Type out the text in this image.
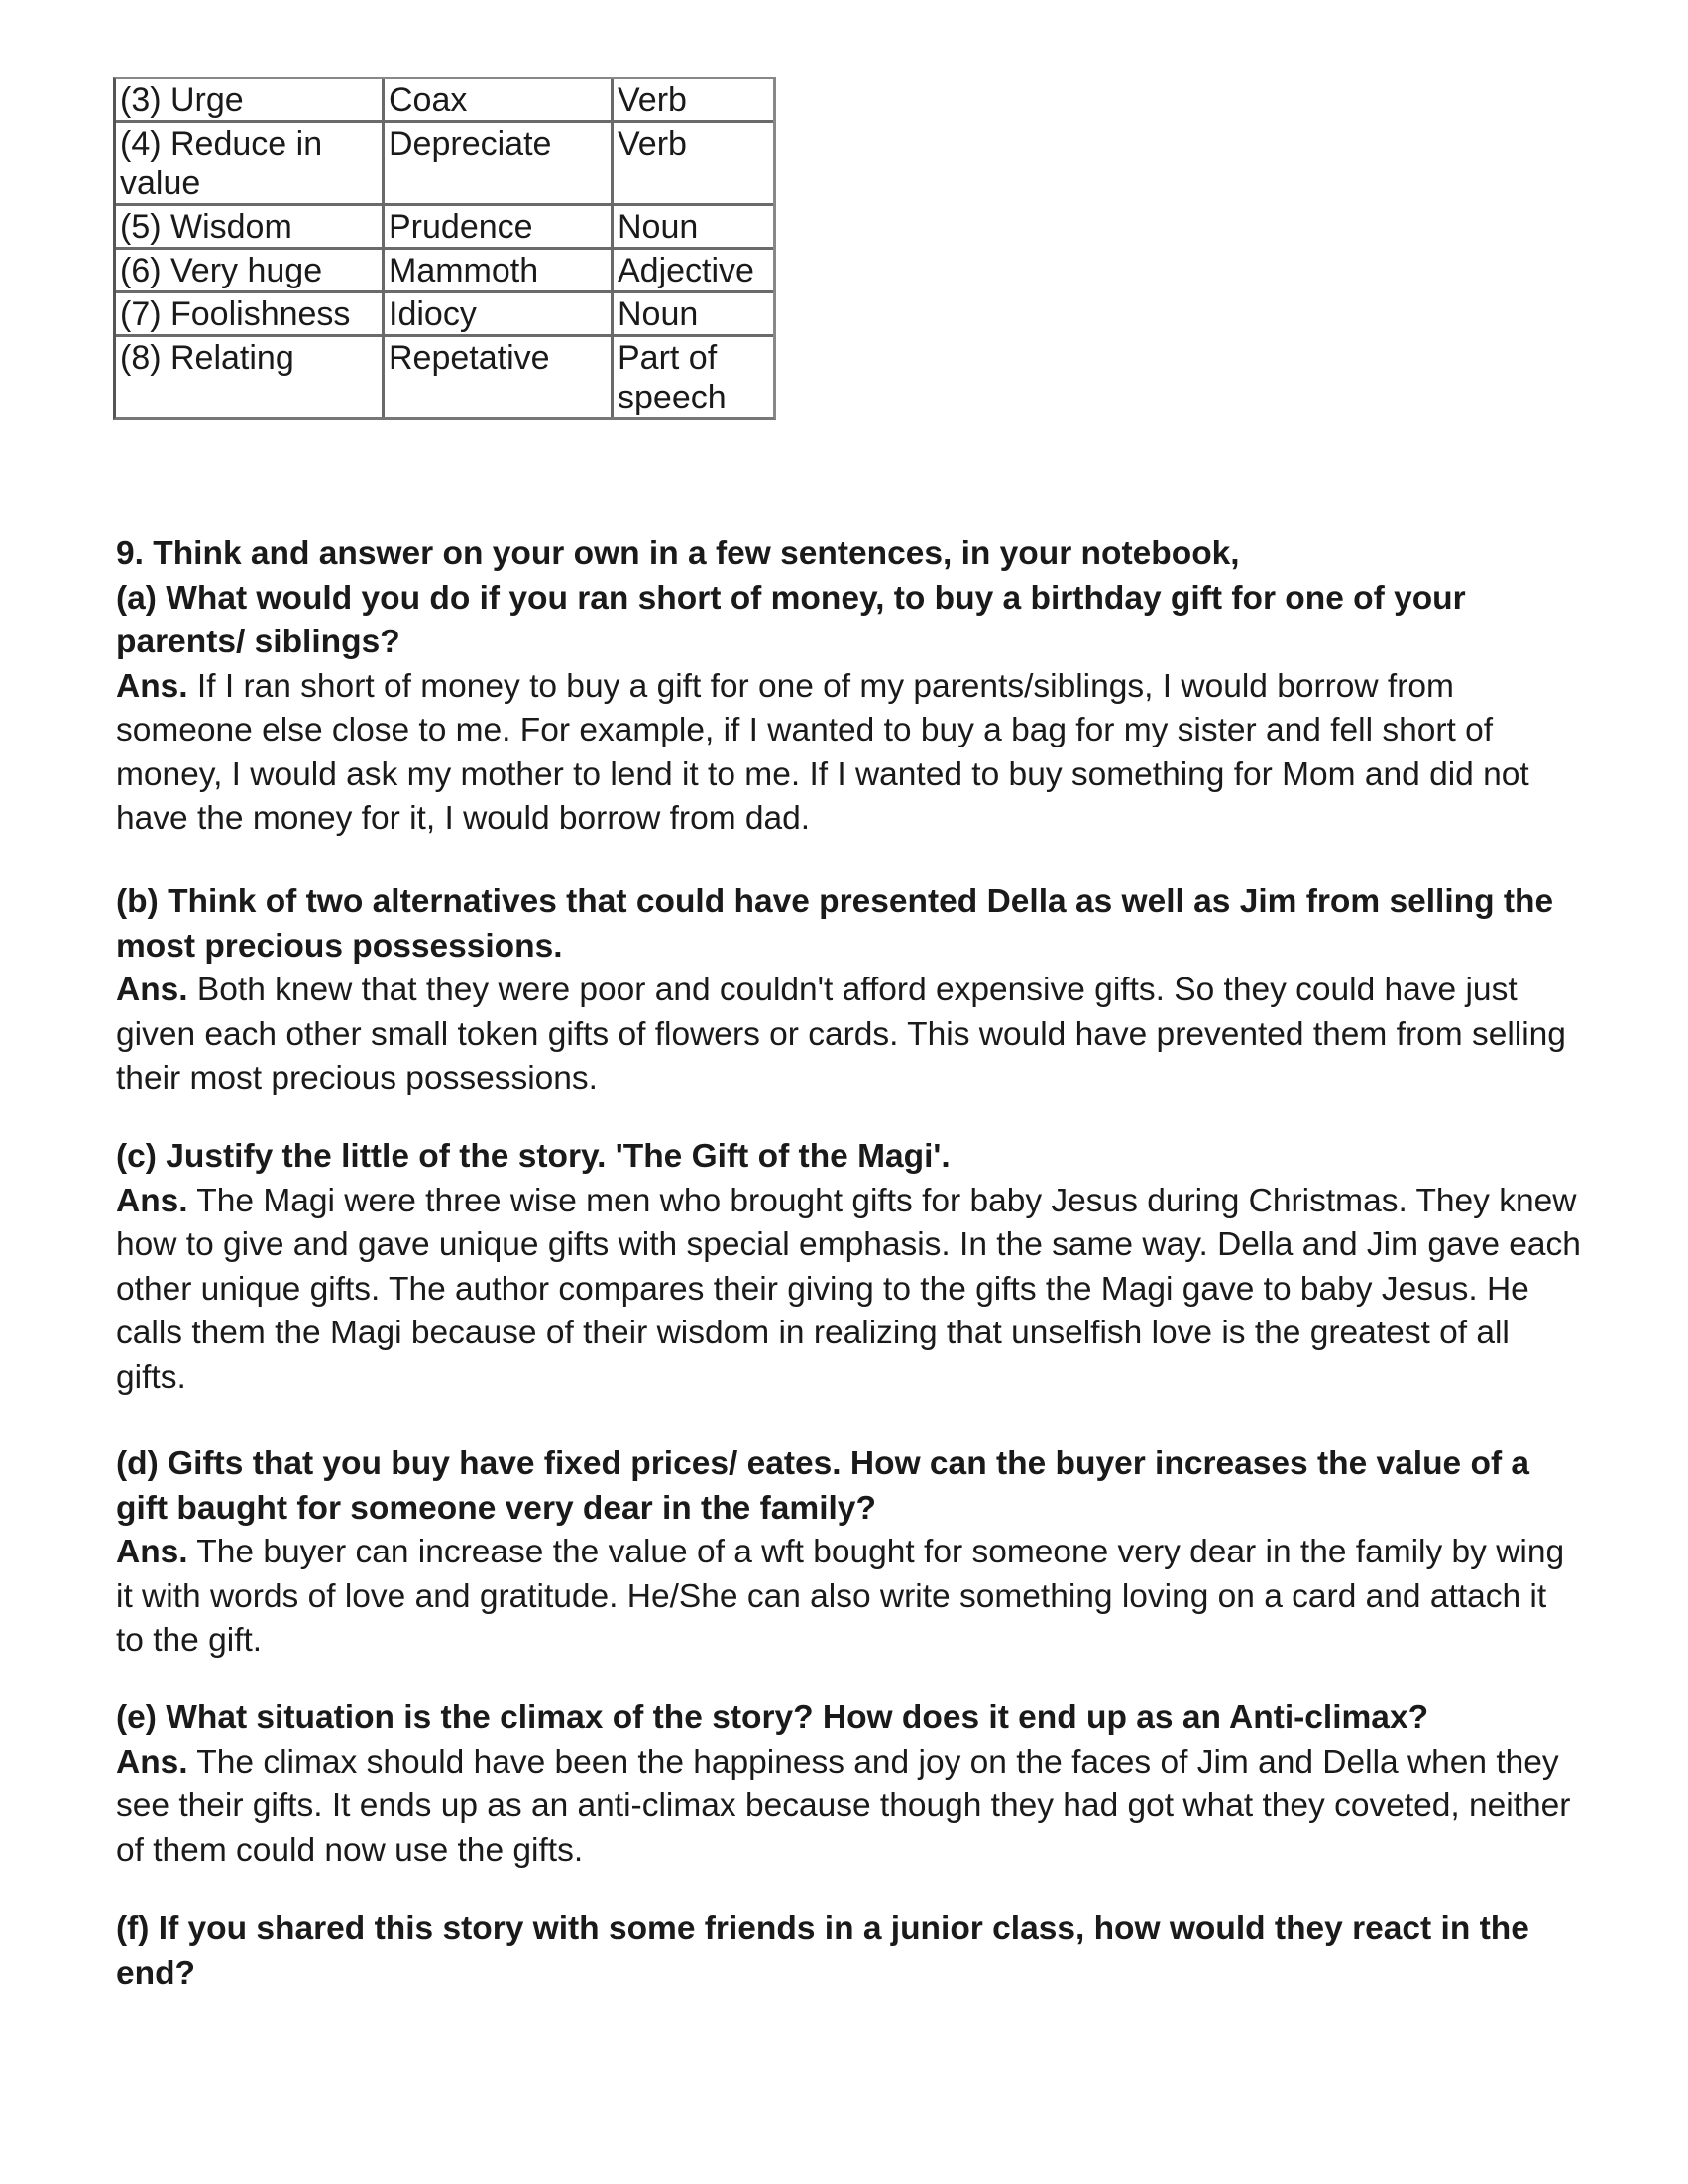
(3) Urge	Coax	Verb
(4) Reduce in value	Depreciate	Verb
(5) Wisdom	Prudence	Noun
(6) Very huge	Mammoth	Adjective
(7) Foolishness	Idiocy	Noun
(8) Relating	Repetative	Part of speech
9. Think and answer on your own in a few sentences, in your notebook,
(a) What would you do if you ran short of money, to buy a birthday gift for one of your parents/ siblings?
Ans. If I ran short of money to buy a gift for one of my parents/siblings, I would borrow from someone else close to me. For example, if I wanted to buy a bag for my sister and fell short of money, I would ask my mother to lend it to me. If I wanted to buy something for Mom and did not have the money for it, I would borrow from dad.
(b) Think of two alternatives that could have presented Della as well as Jim from selling the most precious possessions.
Ans. Both knew that they were poor and couldn't afford expensive gifts. So they could have just given each other small token gifts of flowers or cards. This would have prevented them from selling their most precious possessions.
(c) Justify the little of the story. 'The Gift of the Magi'.
Ans. The Magi were three wise men who brought gifts for baby Jesus during Christmas. They knew how to give and gave unique gifts with special emphasis. In the same way. Della and Jim gave each other unique gifts. The author compares their giving to the gifts the Magi gave to baby Jesus. He calls them the Magi because of their wisdom in realizing that unselfish love is the greatest of all gifts.
(d) Gifts that you buy have fixed prices/ eates. How can the buyer increases the value of a gift baught for someone very dear in the family?
Ans. The buyer can increase the value of a wft bought for someone very dear in the family by wing it with words of love and gratitude. He/She can also write something loving on a card and attach it to the gift.
(e) What situation is the climax of the story? How does it end up as an Anti-climax?
Ans. The climax should have been the happiness and joy on the faces of Jim and Della when they see their gifts. It ends up as an anti-climax because though they had got what they coveted, neither of them could now use the gifts.
(f) If you shared this story with some friends in a junior class, how would they react in the
end?
